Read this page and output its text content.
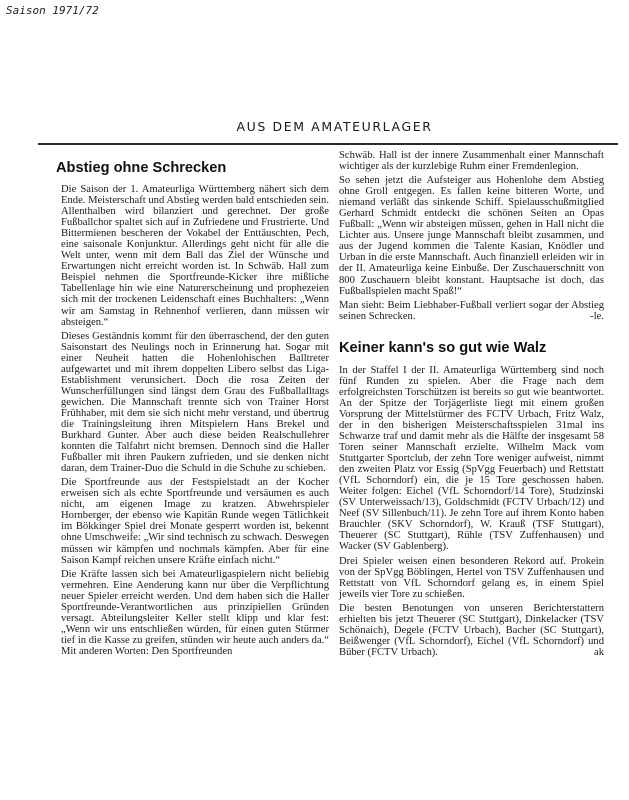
Saison 1971/72
AUS DEM AMATEURLAGER
Abstieg ohne Schrecken

Die Saison der 1. Amateurliga Württemberg nähert sich dem Ende. Meisterschaft und Abstieg werden bald entschieden sein. Allenthalben wird bilanziert und gerechnet. Der große Fußballchor spaltet sich auf in Zufriedene und Frustrierte. Und Bittermienen bescheren der Vokabel der Enttäuschten, Pech, eine saisonale Konjunktur. Allerdings geht nicht für alle die Welt unter, wenn mit dem Ball das Ziel der Wünsche und Erwartungen nicht erreicht worden ist. In Schwäb. Hall zum Beispiel nehmen die Sportfreunde-Kicker ihre mißliche Tabellenlage hin wie eine Naturerscheinung und prophezeien sich mit der trockenen Leidenschaft eines Buchhalters: „Wenn wir am Samstag in Rehnenhof verlieren, dann müssen wir absteigen.“

Dieses Geständnis kommt für den überraschend, der den guten Saisonstart des Neulings noch in Erinnerung hat. Sogar mit einer Neuheit hatten die Hohenlohischen Balltreter aufgewartet und mit ihrem doppelten Libero selbst das Liga-Establishment verunsichert. Doch die rosa Zeiten der Wunscherfüllungen sind längst dem Grau des Fußballalltags gewichen. Die Mannschaft trennte sich von Trainer Horst Frühhaber, mit dem sie sich nicht mehr verstand, und übertrug die Trainingsleitung ihren Mitspielern Hans Brekel und Burkhard Gunter. Aber auch diese beiden Realschullehrer konnten die Talfahrt nicht bremsen. Dennoch sind die Haller Fußballer mit ihren Paukern zufrieden, und sie denken nicht daran, dem Trainer-Duo die Schuld in die Schuhe zu schieben.

Die Sportfreunde aus der Festspielstadt an der Kocher erweisen sich als echte Sportfreunde und versäumen es auch nicht, am eigenen Image zu kratzen. Abwehrspieler Hornberger, der ebenso wie Kapitän Runde wegen Tätlichkeit im Bökkinger Spiel drei Monate gesperrt worden ist, bekennt ohne Umschweife: „Wir sind technisch zu schwach. Deswegen müssen wir kämpfen und nochmals kämpfen. Aber für eine Saison Kampf reichen unsere Kräfte einfach nicht.“

Die Kräfte lassen sich bei Amateurligaspielern nicht beliebig vermehren. Eine Aenderung kann nur über die Verpflichtung neuer Spieler erreicht werden. Und dem haben sich die Haller Sportfreunde-Verantwortlichen aus prinzipiellen Gründen versagt. Abteilungsleiter Keller stellt klipp und klar fest: „Wenn wir uns entschließen würden, für einen guten Stürmer tief in die Kasse zu greifen, stünden wir heute auch anders da.“ Mit anderen Worten: Den Sportfreunden

Schwäb. Hall ist der innere Zusammenhalt einer Mannschaft wichtiger als der kurzlebige Ruhm einer Fremdenlegion.

So sehen jetzt die Aufsteiger aus Hohenlohe dem Abstieg ohne Groll entgegen. Es fallen keine bitteren Worte, und niemand verläßt das sinkende Schiff. Spielausschußmitglied Gerhard Schmidt entdeckt die schönen Seiten an Opas Fußball: „Wenn wir absteigen müssen, gehen in Hall nicht die Lichter aus. Unsere junge Mannschaft bleibt zusammen, und aus der Jugend kommen die Talente Kasian, Knödler und Urban in die erste Mannschaft. Auch finanziell erleiden wir in der II. Amateurliga keine Einbuße. Der Zuschauerschnitt von 800 Zuschauern bleibt konstant. Hauptsache ist doch, das Fußballspielen macht Spaß!“

Man sieht: Beim Liebhaber-Fußball verliert sogar der Abstieg seinen Schrecken.	-le.

Keiner kann's so gut wie Walz

In der Staffel I der II. Amateurliga Württemberg sind noch fünf Runden zu spielen. Aber die Frage nach dem erfolgreichsten Torschützen ist bereits so gut wie beantwortet. An der Spitze der Torjägerliste liegt mit einem großen Vorsprung der Mittelstürmer des FCTV Urbach, Fritz Walz, der in den bisherigen Meisterschaftsspielen 31mal ins Schwarze traf und damit mehr als die Hälfte der insgesamt 58 Toren seiner Mannschaft erzielte. Wilhelm Mack vom Stuttgarter Sportclub, der zehn Tore weniger aufweist, nimmt den zweiten Platz vor Essig (SpVgg Feuerbach) und Rettstatt (VfL Schorndorf) ein, die je 15 Tore geschossen haben. Weiter folgen: Eichel (VfL Schorndorf/14 Tore), Studzinski (SV Unterweissach/13), Goldschmidt (FCTV Urbach/12) und Neef (SV Sillenbuch/11). Je zehn Tore auf ihrem Konto haben Brauchler (SKV Schorndorf), W. Krauß (TSF Stuttgart), Theuerer (SC Stuttgart), Rühle (TSV Zuffenhausen) und Wacker (SV Gablenberg).

Drei Spieler weisen einen besonderen Rekord auf. Prokein von der SpVgg Böblingen, Hertel von TSV Zuffenhausen und Rettstatt von VfL Schorndorf gelang es, in einem Spiel jeweils vier Tore zu schießen.

Die besten Benotungen von unseren Berichterstattern erhielten bis jetzt Theuerer (SC Stuttgart), Dinkelacker (TSV Schönaich), Degele (FCTV Urbach), Bacher (SC Stuttgart), Beißwenger (VfL Schorndorf), Eichel (VfL Schorndorf) und Büber (FCTV Urbach).	ak
